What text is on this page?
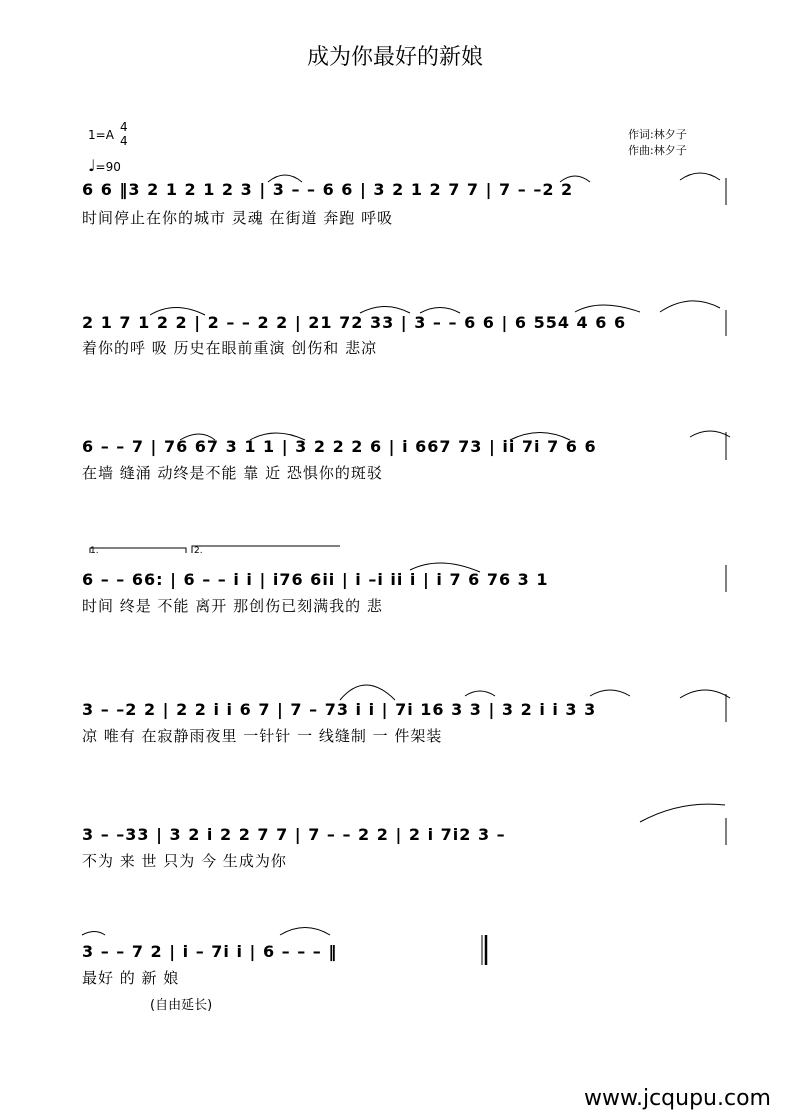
成为你最好的新娘
1=A
4
4
♩=90
作词:林夕子
作曲:林夕子
6 6 ‖3 2 1 2 1 2 3 | 3 – – 6 6 | 3 2 1 2 7 7 | 7 – –2 2
时间停止在你的城市 灵魂 在街道 奔跑 呼吸
2 1 7 1 2 2 | 2 – – 2 2 | 21 72 33 | 3 – – 6 6 | 6 554 4 6 6
着你的呼 吸 历史在眼前重演 创伤和 悲凉
6 – – 7 | 76 67 3 1 1 | 3 2 2 2 6 | i 667 73 | ii 7i 7 6 6
在墙 缝涌 动终是不能 靠 近 恐惧你的斑驳
1.	2.
6 – – 66: | 6 – – i i | i76 6ii | i –i ii i | i 7 6 76 3 1
时间 终是 不能 离开 那创伤已刻满我的 悲
3 – –2 2 | 2 2 i i 6 7 | 7 – 73 i i | 7i 16 3 3 | 3 2 i i 3 3
凉 唯有 在寂静雨夜里 一针针 一 线缝制 一 件架装
3 – –33 | 3 2 i 2 2 7 7 | 7 – – 2 2 | 2 i 7i2 3 –
不为 来 世 只为 今 生成为你
3 – – 7 2 | i – 7i i | 6 – – – ‖
最好 的 新 娘
(自由延长)
www.jcqupu.com
